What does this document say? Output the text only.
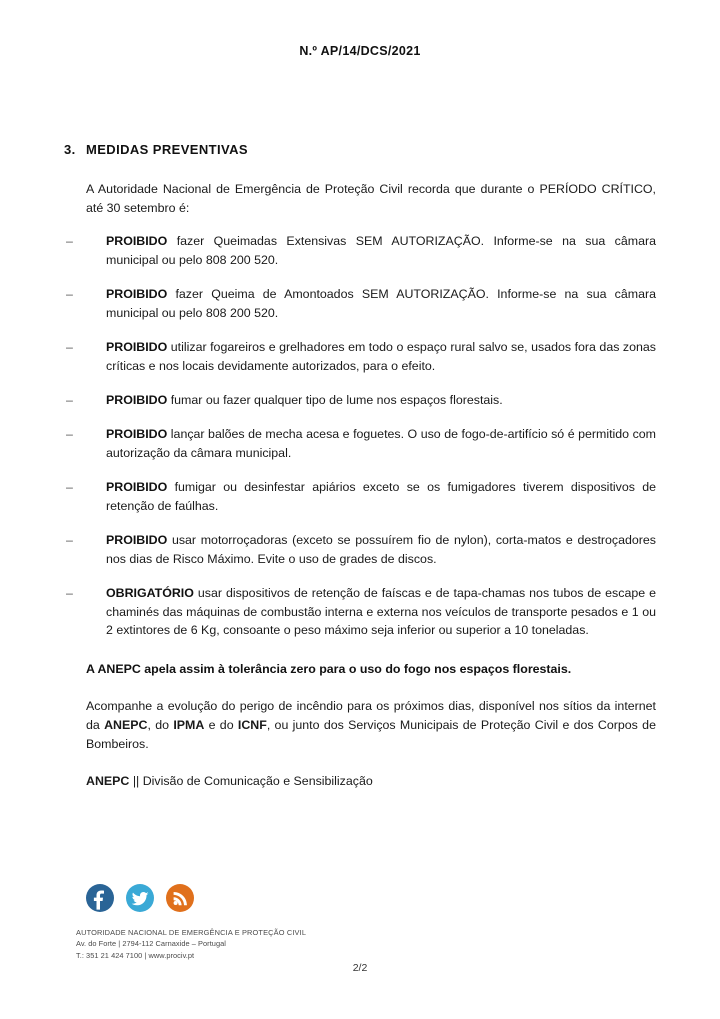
N.º AP/14/DCS/2021
3. MEDIDAS PREVENTIVAS

A Autoridade Nacional de Emergência de Proteção Civil recorda que durante o PERÍODO CRÍTICO, até 30 setembro é:

–	PROIBIDO fazer Queimadas Extensivas SEM AUTORIZAÇÃO. Informe-se na sua câmara municipal ou pelo 808 200 520.
–	PROIBIDO fazer Queima de Amontoados SEM AUTORIZAÇÃO. Informe-se na sua câmara municipal ou pelo 808 200 520.
–	PROIBIDO utilizar fogareiros e grelhadores em todo o espaço rural salvo se, usados fora das zonas críticas e nos locais devidamente autorizados, para o efeito.
–	PROIBIDO fumar ou fazer qualquer tipo de lume nos espaços florestais.
–	PROIBIDO lançar balões de mecha acesa e foguetes. O uso de fogo-de-artifício só é permitido com autorização da câmara municipal.
–	PROIBIDO fumigar ou desinfestar apiários exceto se os fumigadores tiverem dispositivos de retenção de faúlhas.
–	PROIBIDO usar motorroçadoras (exceto se possuírem fio de nylon), corta-matos e destroçadores nos dias de Risco Máximo. Evite o uso de grades de discos.
–	OBRIGATÓRIO usar dispositivos de retenção de faíscas e de tapa-chamas nos tubos de escape e chaminés das máquinas de combustão interna e externa nos veículos de transporte pesados e 1 ou 2 extintores de 6 Kg, consoante o peso máximo seja inferior ou superior a 10 toneladas.

A ANEPC apela assim à tolerância zero para o uso do fogo nos espaços florestais.

Acompanhe a evolução do perigo de incêndio para os próximos dias, disponível nos sítios da internet da ANEPC, do IPMA e do ICNF, ou junto dos Serviços Municipais de Proteção Civil e dos Corpos de Bombeiros.

ANEPC || Divisão de Comunicação e Sensibilização

AUTORIDADE NACIONAL DE EMERGÊNCIA E PROTEÇÃO CIVIL
Av. do Forte | 2794-112 Carnaxide – Portugal
T.: 351 21 424 7100 | www.prociv.pt
2/2
